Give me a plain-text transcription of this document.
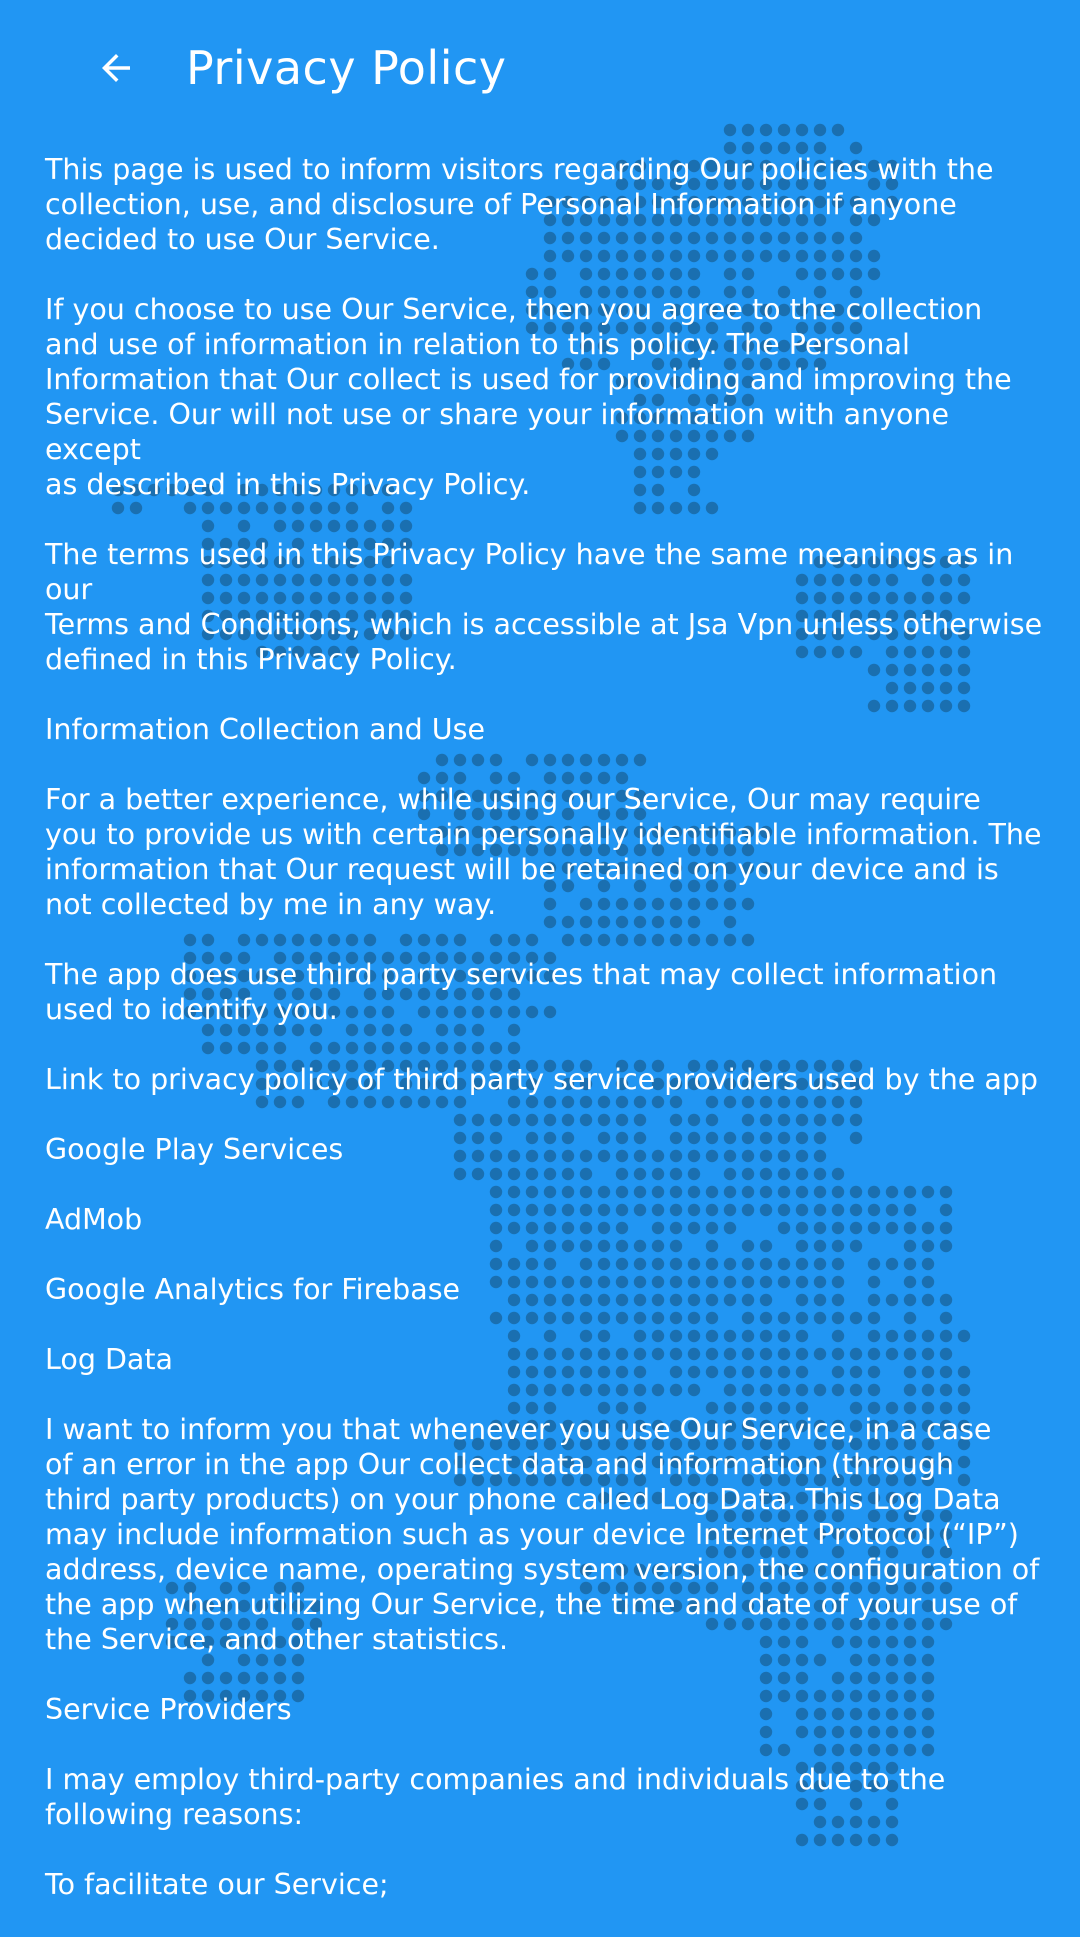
Privacy Policy

This page is used to inform visitors regarding Our policies with the
collection, use, and disclosure of Personal Information if anyone
decided to use Our Service.

If you choose to use Our Service, then you agree to the collection
and use of information in relation to this policy. The Personal
Information that Our collect is used for providing and improving the
Service. Our will not use or share your information with anyone except
as described in this Privacy Policy.

The terms used in this Privacy Policy have the same meanings as in our
Terms and Conditions, which is accessible at Jsa Vpn unless otherwise
defined in this Privacy Policy.

Information Collection and Use

For a better experience, while using our Service, Our may require
you to provide us with certain personally identifiable information. The
information that Our request will be retained on your device and is
not collected by me in any way.

The app does use third party services that may collect information
used to identify you.

Link to privacy policy of third party service providers used by the app

Google Play Services

AdMob

Google Analytics for Firebase

Log Data

I want to inform you that whenever you use Our Service, in a case
of an error in the app Our collect data and information (through
third party products) on your phone called Log Data. This Log Data
may include information such as your device Internet Protocol (“IP”)
address, device name, operating system version, the configuration of
the app when utilizing Our Service, the time and date of your use of
the Service, and other statistics.

Service Providers

I may employ third-party companies and individuals due to the
following reasons:

To facilitate our Service;
